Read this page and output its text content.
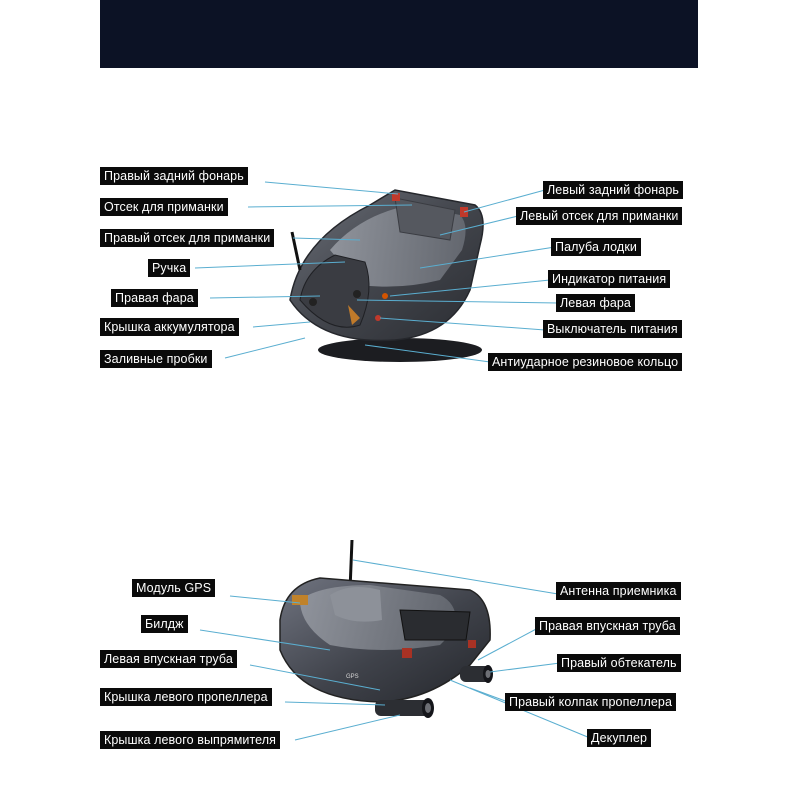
GPS
Правый задний фонарь
Отсек для приманки
Правый отсек для приманки
Ручка
Правая фара
Крышка аккумулятора
Заливные пробки
Левый задний фонарь
Левый отсек для приманки
Палуба лодки
Индикатор питания
Левая фара
Выключатель питания
Антиударное резиновое кольцо
Модуль GPS
Билдж
Левая впускная труба
Крышка левого пропеллера
Крышка левого выпрямителя
Антенна приемника
Правая впускная труба
Правый обтекатель
Правый колпак пропеллера
Декуплер
